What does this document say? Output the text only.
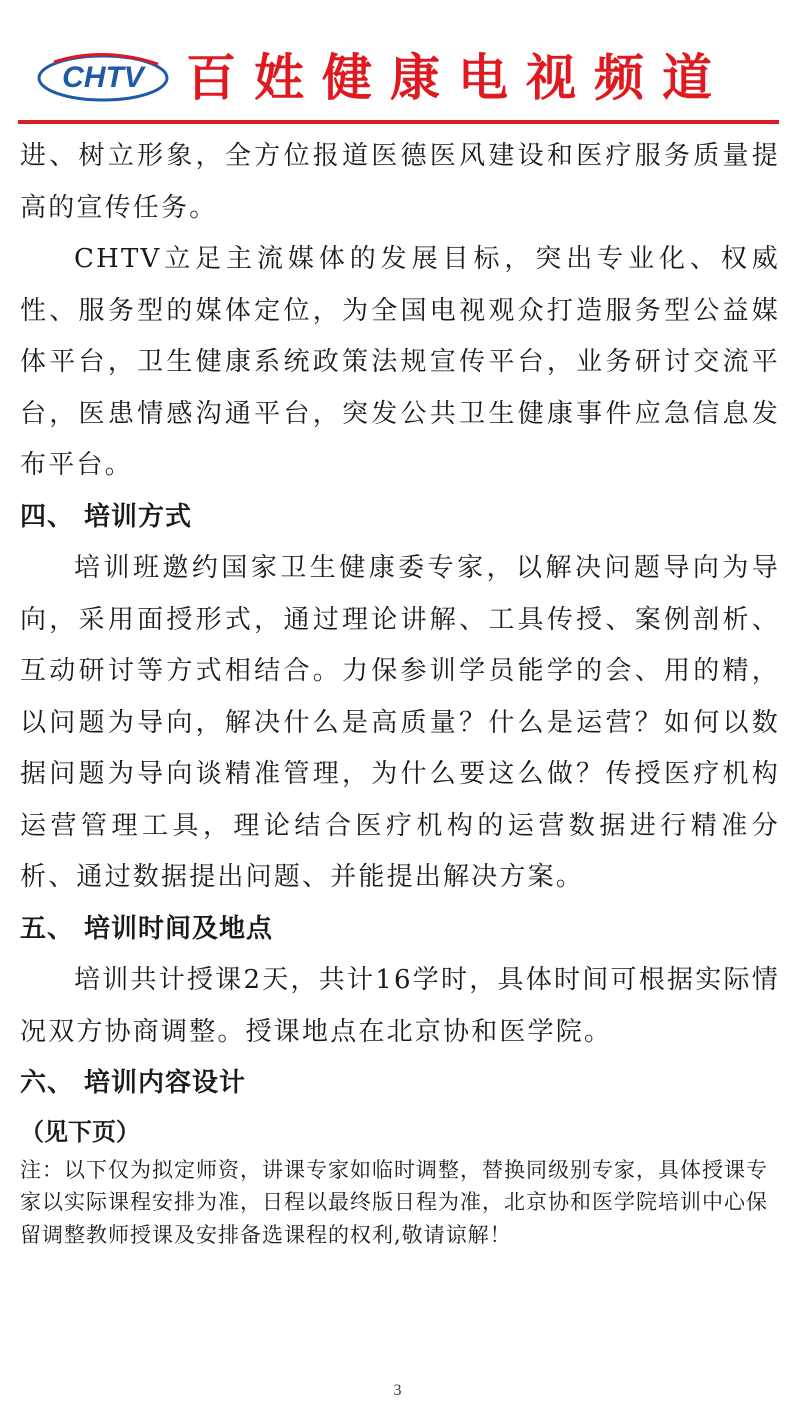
CHTV 百姓健康电视频道

进、树立形象，全方位报道医德医风建设和医疗服务质量提高的宣传任务。

CHTV立足主流媒体的发展目标，突出专业化、权威性、服务型的媒体定位，为全国电视观众打造服务型公益媒体平台，卫生健康系统政策法规宣传平台，业务研讨交流平台，医患情感沟通平台，突发公共卫生健康事件应急信息发布平台。

四、 培训方式

培训班邀约国家卫生健康委专家，以解决问题导向为导向，采用面授形式，通过理论讲解、工具传授、案例剖析、互动研讨等方式相结合。力保参训学员能学的会、用的精，以问题为导向，解决什么是高质量？什么是运营？如何以数据问题为导向谈精准管理，为什么要这么做？传授医疗机构运营管理工具，理论结合医疗机构的运营数据进行精准分析、通过数据提出问题、并能提出解决方案。

五、 培训时间及地点

培训共计授课2天，共计16学时，具体时间可根据实际情况双方协商调整。授课地点在北京协和医学院。

六、 培训内容设计

（见下页）

注：以下仅为拟定师资，讲课专家如临时调整，替换同级别专家，具体授课专家以实际课程安排为准，日程以最终版日程为准，北京协和医学院培训中心保留调整教师授课及安排备选课程的权利,敬请谅解！

3
